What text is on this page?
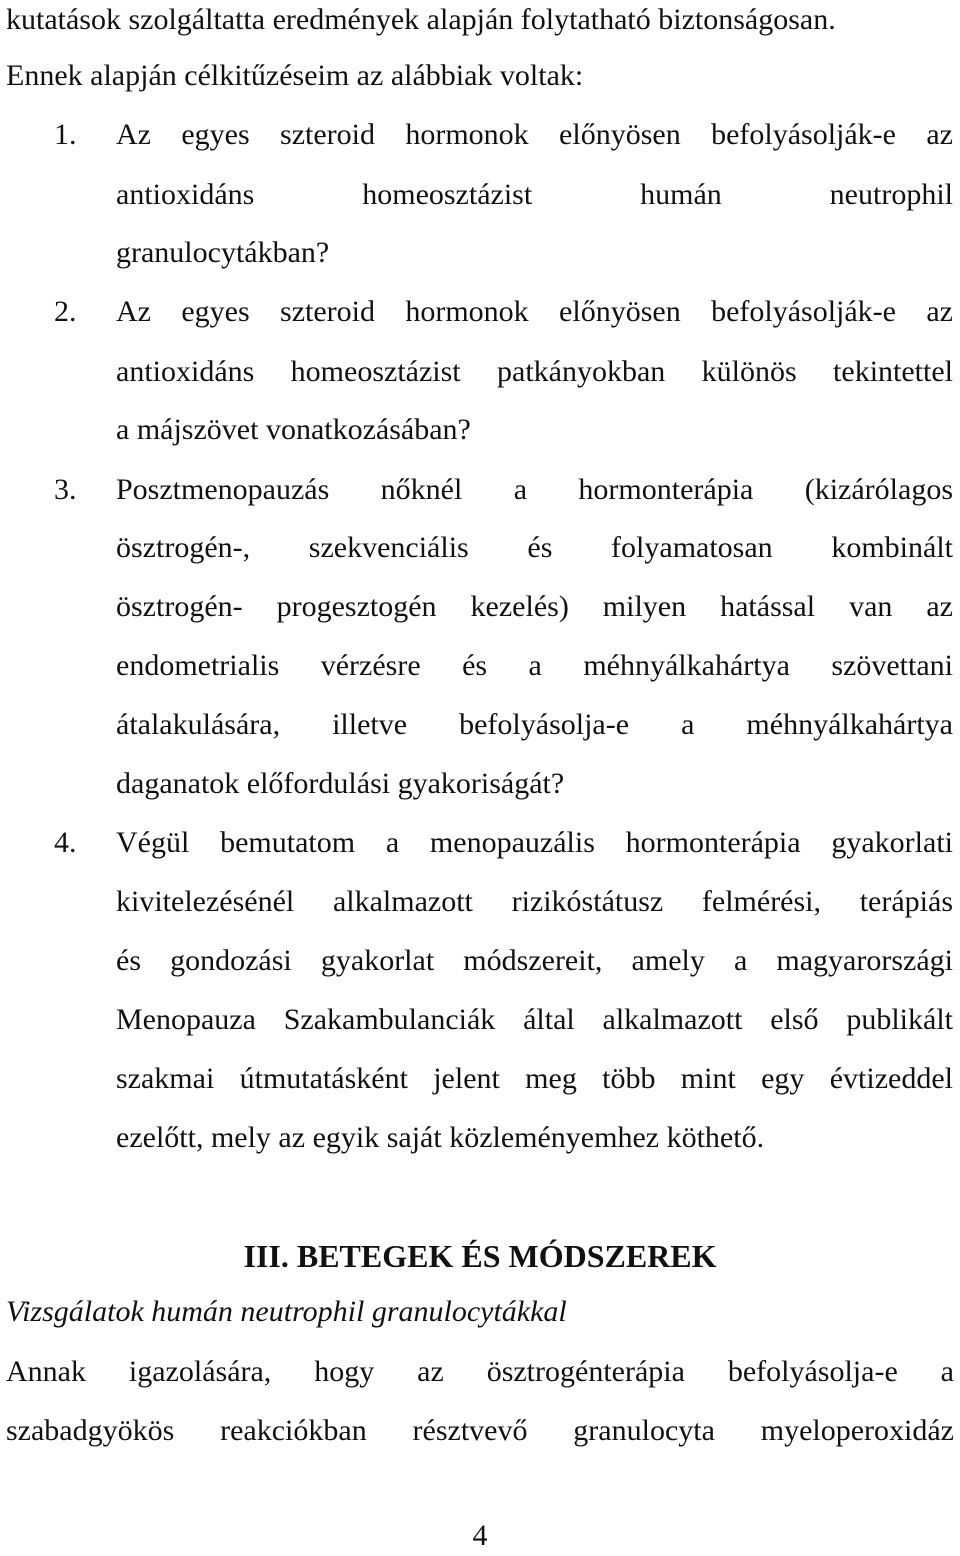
kutatások szolgáltatta eredmények alapján folytatható biztonságosan.
Ennek alapján célkitűzéseim az alábbiak voltak:
1. Az egyes szteroid hormonok előnyösen befolyásolják-e az
antioxidáns homeosztázist humán neutrophil
granulocytákban?
2. Az egyes szteroid hormonok előnyösen befolyásolják-e az
antioxidáns homeosztázist patkányokban különös tekintettel
a májszövet vonatkozásában?
3. Posztmenopauzás nőknél a hormonterápia (kizárólagos
ösztrogén-, szekvenciális és folyamatosan kombinált
ösztrogén- progesztogén kezelés) milyen hatással van az
endometrialis vérzésre és a méhnyálkahártya szövettani
átalakulására, illetve befolyásolja-e a méhnyálkahártya
daganatok előfordulási gyakoriságát?
4. Végül bemutatom a menopauzális hormonterápia gyakorlati
kivitelezésénél alkalmazott rizikóstátusz felmérési, terápiás
és gondozási gyakorlat módszereit, amely a magyarországi
Menopauza Szakambulanciák által alkalmazott első publikált
szakmai útmutatásként jelent meg több mint egy évtizeddel
ezelőtt, mely az egyik saját közleményemhez köthető.
III. BETEGEK ÉS MÓDSZEREK
Vizsgálatok humán neutrophil granulocytákkal
Annak igazolására, hogy az ösztrogénterápia befolyásolja-e a
szabadgyökös reakciókban résztvevő granulocyta myeloperoxidáz
4
